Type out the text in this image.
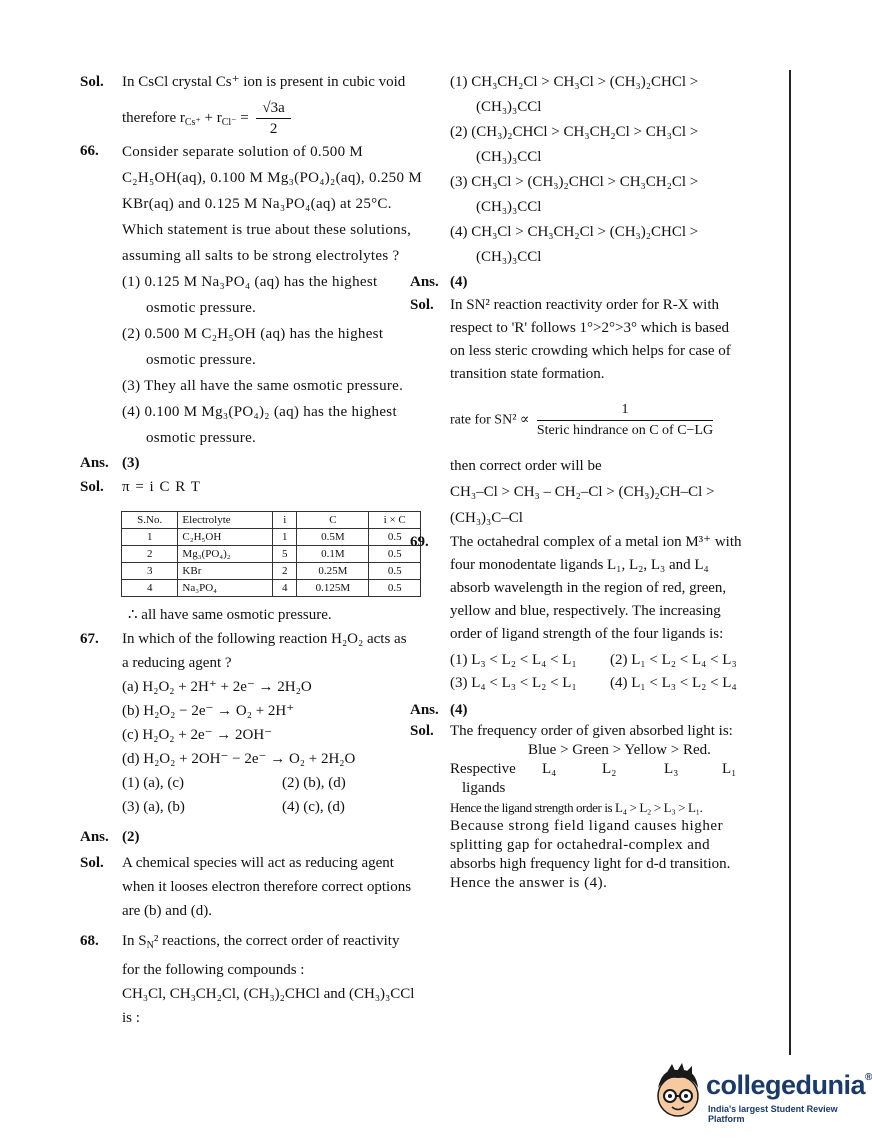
Sol. In CsCl crystal Cs⁺ ion is present in cubic void
therefore $r_{Cs^+} + r_{Cl^-} = \frac{√3a}{2}$
66. Consider separate solution of 0.500 M
C₂H₅OH(aq), 0.100 M Mg₃(PO₄)₂(aq), 0.250 M
KBr(aq) and 0.125 M Na₃PO₄(aq) at 25°C.
Which statement is true about these solutions,
assuming all salts to be strong electrolytes ?
(1) 0.125 M Na₃PO₄ (aq) has the highest
osmotic pressure.
(2) 0.500 M C₂H₅OH (aq) has the highest
osmotic pressure.
(3) They all have the same osmotic pressure.
(4) 0.100 M Mg₃(PO₄)₂ (aq) has the highest
osmotic pressure.
Ans. (3)
Sol. π = i C R T
S.No.	Electrolyte	i	C	i × C
1	C₂H₅OH	1	0.5M	0.5
2	Mg₃(PO₄)₂	5	0.1M	0.5
3	KBr	2	0.25M	0.5
4	Na₃PO₄	4	0.125M	0.5
∴ all have same osmotic pressure.
67. In which of the following reaction H₂O₂ acts as
a reducing agent ?
(a) H₂O₂ + 2H⁺ + 2e⁻ → 2H₂O
(b) H₂O₂ − 2e⁻ → O₂ + 2H⁺
(c) H₂O₂ + 2e⁻ → 2OH⁻
(d) H₂O₂ + 2OH⁻ − 2e⁻ → O₂ + 2H₂O
(1) (a), (c)	(2) (b), (d)
(3) (a), (b)	(4) (c), (d)
Ans. (2)
Sol. A chemical species will act as reducing agent
when it looses electron therefore correct options
are (b) and (d).
68. In $S_N^2$ reactions, the correct order of reactivity
for the following compounds :
CH₃Cl, CH₃CH₂Cl, (CH₃)₂CHCl and (CH₃)₃CCl
is :
(1) CH₃CH₂Cl > CH₃Cl > (CH₃)₂CHCl >
(CH₃)₃CCl
(2) (CH₃)₂CHCl > CH₃CH₂Cl > CH₃Cl >
(CH₃)₃CCl
(3) CH₃Cl > (CH₃)₂CHCl > CH₃CH₂Cl >
(CH₃)₃CCl
(4) CH₃Cl > CH₃CH₂Cl > (CH₃)₂CHCl >
(CH₃)₃CCl
Ans. (4)
Sol. In SN² reaction reactivity order for R-X with
respect to 'R' follows 1°>2°>3° which is based
on less steric crowding which helps for case of
transition state formation.
rate for $SN^2 \propto \frac{1}{\text{Steric hindrance on C of C−LG}}$
then correct order will be
CH₃–Cl > CH₃ – CH₂–Cl > (CH₃)₂CH–Cl >
(CH₃)₃C–Cl
69. The octahedral complex of a metal ion M³⁺ with
four monodentate ligands L₁, L₂, L₃ and L₄
absorb wavelength in the region of red, green,
yellow and blue, respectively. The increasing
order of ligand strength of the four ligands is:
(1) L₃ < L₂ < L₄ < L₁	(2) L₁ < L₂ < L₄ < L₃
(3) L₄ < L₃ < L₂ < L₁	(4) L₁ < L₃ < L₂ < L₄
Ans. (4)
Sol. The frequency order of given absorbed light is:
Blue > Green > Yellow > Red.
Respective	L₄	L₂	L₃	L₁
ligands
Hence the ligand strength order is L₄ > L₂ > L₃ > L₁.
Because strong field ligand causes higher
splitting gap for octahedral-complex and
absorbs high frequency light for d-d transition.
Hence the answer is (4).
collegedunia®
India's largest Student Review Platform
